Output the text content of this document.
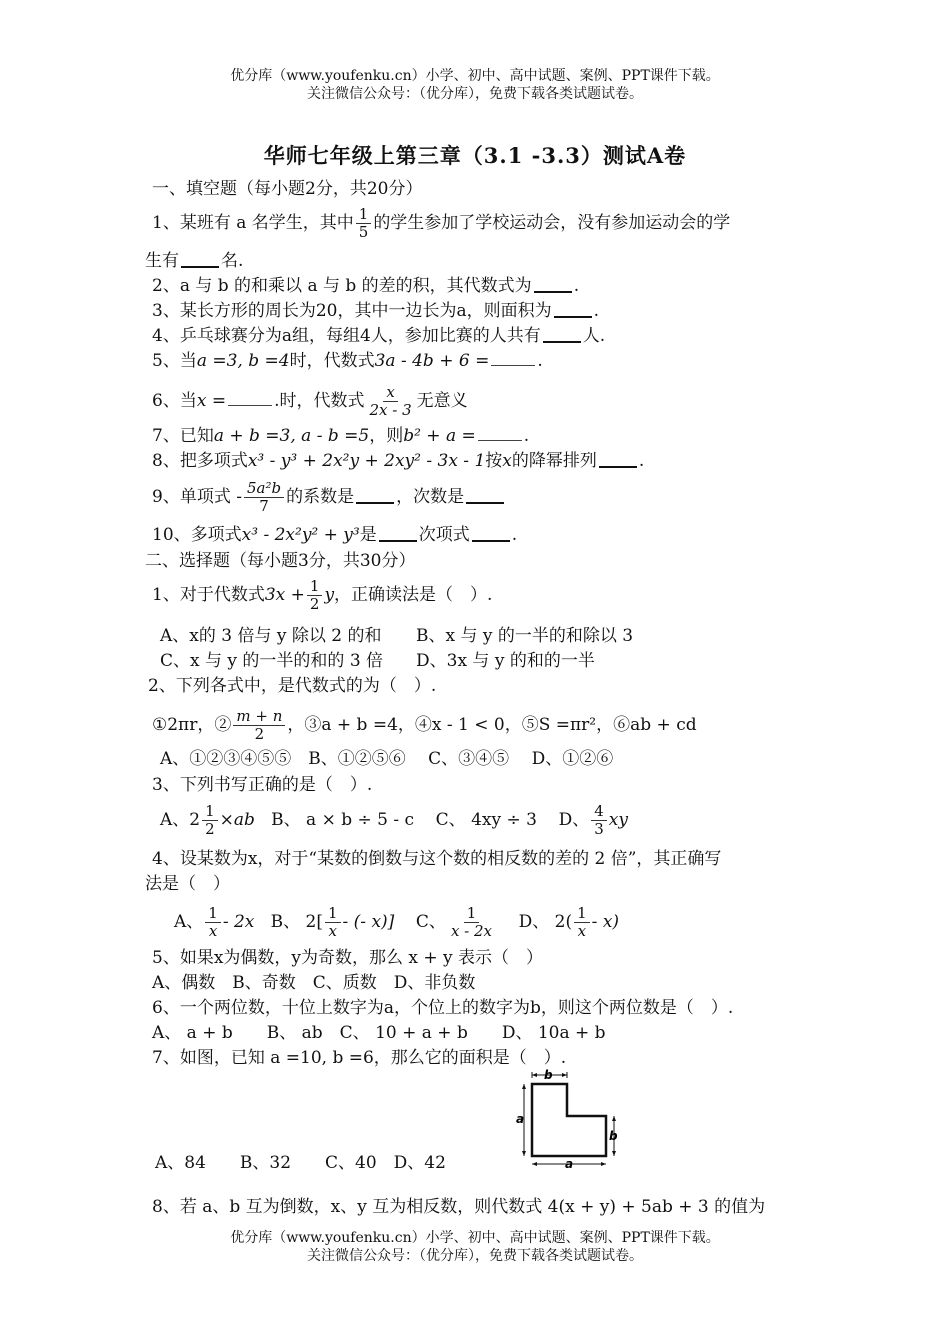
优分库（www.youfenku.cn）小学、初中、高中试题、案例、PPT课件下载。
关注微信公众号：（优分库），免费下载各类试题试卷。
华师七年级上第三章（3.1 -3.3）测试A卷
一、填空题（每小题2分，共20分）
1、某班有 a 名学生，其中 $\frac{1}{5}$ 的学生参加了学校运动会，没有参加运动会的学
生有 名.
2、a 与 b 的和乘以 a 与 b 的差的积，其代数式为 .
3、某长方形的周长为20，其中一边长为a，则面积为 .
4、乒乓球赛分为a组，每组4人，参加比赛的人共有 人.
5、当a =3, b =4时，代数式3a - 4b + 6 =	.
6、当x =	.时，代数式 $\frac{x}{2x - 3}$ 无意义
7、已知a + b =3, a - b =5，则b² + a =	.
8、把多项式x³ - y³ + 2x²y + 2xy² - 3x - 1按x的降幂排列 .
9、单项式 - $\frac{\text{5a²b}}{7}$ 的系数是 ，次数是
10、多项式x³ - 2x²y² + y³是 次项式 .
二、选择题（每小题3分，共30分）
1、对于代数式$3x + \frac{1}{2}$ y，正确读法是（　）.
A、x的 3 倍与 y 除以 2 的和 B、x 与 y 的一半的和除以 3
C、x 与 y 的一半的和的 3 倍 D、3x 与 y 的和的一半
2、下列各式中，是代数式的为（　）.
①2πr，② $\frac{m + n}{2}$ ，③a + b =4，④x - 1 < 0，⑤S =πr²，⑥ab + cd
A、①②③④⑤⑤　B、①②⑤⑥　 C、③④⑤　 D、①②⑥
3、下列书写正确的是（　）.
A、$2 \frac{1}{2} \times ab$ B、 a × b ÷ 5 - c C、 4xy ÷ 3 D、 $\frac{4}{3}$ xy
4、设某数为x，对于“某数的倒数与这个数的相反数的差的 2 倍”，其正确写
法是（　）
A、 $\frac{1}{x} - 2x$ B、 $2[ \frac{1}{x}$ - (- x)] C、 $\frac{1}{x - 2x}$ D、 $2( \frac{1}{x} - x)$
5、如果x为偶数，y为奇数，那么 x + y 表示（　）
A、偶数　B、奇数　C、质数　D、非负数
6、一个两位数，十位上数字为a，个位上的数字为b，则这个两位数是（　）.
A、 a + b　　B、 ab　C、 10 + a + b　　D、 10a + b
7、如图，已知 a =10, b =6，那么它的面积是（　）.
b
a
b
a
A、84　　B、32　　C、40　D、42
8、若 a、b 互为倒数，x、y 互为相反数，则代数式 4(x + y) + 5ab + 3 的值为
优分库（www.youfenku.cn）小学、初中、高中试题、案例、PPT课件下载。
关注微信公众号：（优分库），免费下载各类试题试卷。
